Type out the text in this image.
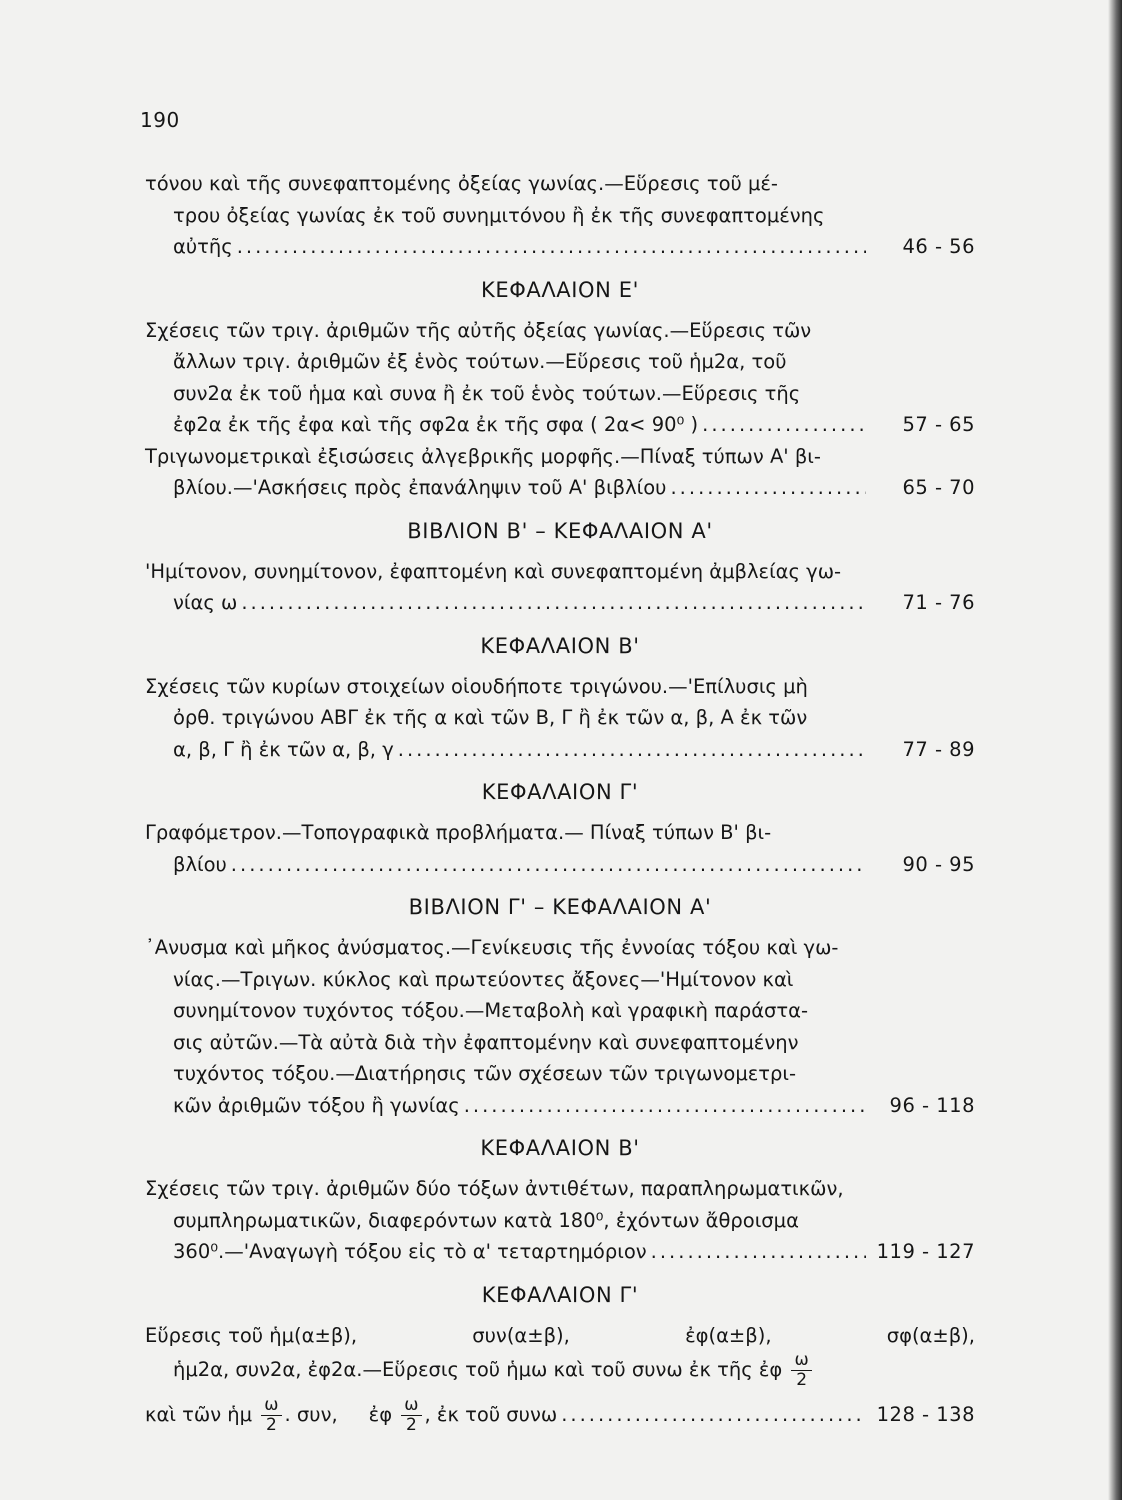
190
τόνου καὶ τῆς συνεφαπτομένης ὀξείας γωνίας.—Εὕρεσις τοῦ μέ-
τρου ὀξείας γωνίας ἐκ τοῦ συνημιτόνου ἢ ἐκ τῆς συνεφαπτομένης
αὐτῆς .....	46 - 56
ΚΕΦΑΛΑΙΟΝ Ε'
Σχέσεις τῶν τριγ. ἀριθμῶν τῆς αὐτῆς ὀξείας γωνίας.—Εὕρεσις τῶν
ἄλλων τριγ. ἀριθμῶν ἐξ ἑνὸς τούτων.—Εὕρεσις τοῦ ἡμ2α, τοῦ
συν2α ἐκ τοῦ ἡμα καὶ συνα ἢ ἐκ τοῦ ἑνὸς τούτων.—Εὕρεσις τῆς
ἐφ2α ἐκ τῆς ἐφα καὶ τῆς σφ2α ἐκ τῆς σφα ( 2α< 90⁰ ) .....	57 - 65
Τριγωνομετρικαὶ ἐξισώσεις ἀλγεβρικῆς μορφῆς.—Πίναξ τύπων Α' βι-
βλίου.—'Ασκήσεις πρὸς ἐπανάληψιν τοῦ Α' βιβλίου .....	65 - 70
ΒΙΒΛΙΟΝ Β' – ΚΕΦΑΛΑΙΟΝ Α'
'Ημίτονον, συνημίτονον, ἐφαπτομένη καὶ συνεφαπτομένη ἀμβλείας γω-
νίας ω .....	71 - 76
ΚΕΦΑΛΑΙΟΝ Β'
Σχέσεις τῶν κυρίων στοιχείων οἱουδήποτε τριγώνου.—'Επίλυσις μὴ
ὀρθ. τριγώνου ΑΒΓ ἐκ τῆς α καὶ τῶν Β, Γ ἢ ἐκ τῶν α, β, Α ἐκ τῶν
α, β, Γ ἢ ἐκ τῶν α, β, γ .....	77 - 89
ΚΕΦΑΛΑΙΟΝ Γ'
Γραφόμετρον.—Τοπογραφικὰ προβλήματα.— Πίναξ τύπων Β' βι-
βλίου .....	90 - 95
ΒΙΒΛΙΟΝ Γ' – ΚΕΦΑΛΑΙΟΝ Α'
᾿Ανυσμα καὶ μῆκος ἀνύσματος.—Γενίκευσις τῆς ἐννοίας τόξου καὶ γω-
νίας.—Τριγων. κύκλος καὶ πρωτεύοντες ἄξονες—'Ημίτονον καὶ
συνημίτονον τυχόντος τόξου.—Μεταβολὴ καὶ γραφικὴ παράστα-
σις αὐτῶν.—Τὰ αὐτὰ διὰ τὴν ἐφαπτομένην καὶ συνεφαπτομένην
τυχόντος τόξου.—Διατήρησις τῶν σχέσεων τῶν τριγωνομετρι-
κῶν ἀριθμῶν τόξου ἢ γωνίας .....	96 - 118
ΚΕΦΑΛΑΙΟΝ Β'
Σχέσεις τῶν τριγ. ἀριθμῶν δύο τόξων ἀντιθέτων, παραπληρωματικῶν,
συμπληρωματικῶν, διαφερόντων κατὰ 180⁰, ἐχόντων ἄθροισμα
360⁰.—'Αναγωγὴ τόξου εἰς τὸ α' τεταρτημόριον .....	119 - 127
ΚΕΦΑΛΑΙΟΝ Γ'
Εὕρεσις τοῦ ἡμ(α±β),	συν(α±β),	ἐφ(α±β),	σφ(α±β),
ἡμ2α, συν2α, ἐφ2α.—Εὕρεσις τοῦ ἡμω καὶ τοῦ συνω ἐκ τῆς ἐφ $\frac{\omega}{2}$
καὶ τῶν ἡμ $\frac{\omega}{2}$ . συν, ἐφ $\frac{\omega}{2}$ , ἐκ τοῦ συνω .....	128 - 138
